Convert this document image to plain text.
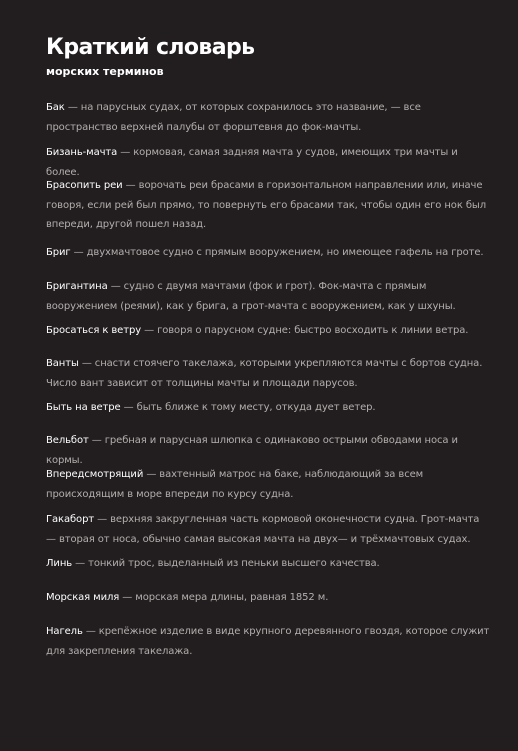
Краткий словарь
морских терминов

Бак — на парусных судах, от которых сохранилось это название, — все пространство верхней палубы от форштевня до фок-мачты.

Бизань-мачта — кормовая, самая задняя мачта у судов, имеющих три мачты и более.

Брасопить реи — ворочать реи брасами в горизонтальном направлении или, иначе говоря, если рей был прямо, то повернуть его брасами так, чтобы один его нок был впереди, другой пошел назад.

Бриг — двухмачтовое судно с прямым вооружением, но имеющее гафель на гроте.

Бригантина — судно с двумя мачтами (фок и грот). Фок-мачта с прямым вооружением (реями), как у брига, а грот-мачта с вооружением, как у шхуны.

Бросаться к ветру — говоря о парусном судне: быстро восходить к линии ветра.

Ванты — снасти стоячего такелажа, которыми укрепляются мачты с бортов судна. Число вант зависит от толщины мачты и площади парусов.

Быть на ветре — быть ближе к тому месту, откуда дует ветер.

Вельбот — гребная и парусная шлюпка с одинаково острыми обводами носа и кормы.

Впередсмотрящий — вахтенный матрос на баке, наблюдающий за всем происходящим в море впереди по курсу судна.

Гакаборт — верхняя закругленная часть кормовой оконечности судна. Грот-мачта — вторая от носа, обычно самая высокая мачта на двух— и трёхмачтовых судах.

Линь — тонкий трос, выделанный из пеньки высшего качества.

Морская миля — морская мера длины, равная 1852 м.

Нагель — крепёжное изделие в виде крупного деревянного гвоздя, которое служит для закрепления такелажа.
